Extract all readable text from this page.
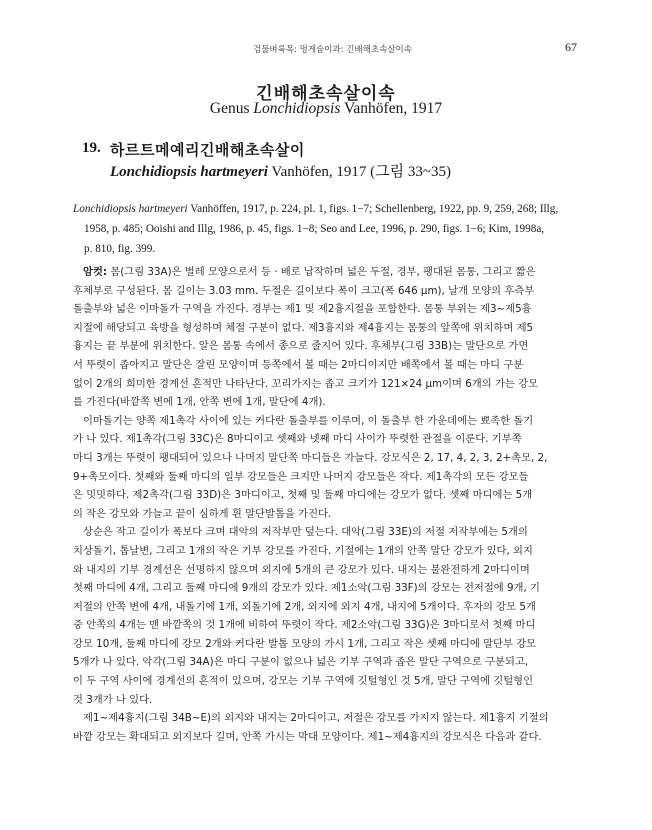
검물벼룩목: 멍게숨이과: 긴배해초속살이속	67
긴배해초속살이속
Genus Lonchidiopsis Vanhöfen, 1917
19. 하르트메예리긴배해초속살이
Lonchidiopsis hartmeyeri Vanhöfen, 1917 (그림 33~35)
Lonchidiopsis hartmeyeri Vanhöffen, 1917, p. 224, pl. 1, figs. 1−7; Schellenberg, 1922, pp. 9, 259, 268; Illg,
1958, p. 485; Ooishi and Illg, 1986, p. 45, figs. 1−8; Seo and Lee, 1996, p. 290, figs. 1−6; Kim, 1998a,
p. 810, fig. 399.
암컷: 몸(그림 33A)은 벌레 모양으로서 등 · 배로 납작하며 넓은 두절, 경부, 팽대된 몸통, 그리고 짧은
후체부로 구성된다. 몸 길이는 3.03 mm. 두절은 길이보다 폭이 크고(폭 646 μm), 날개 모양의 후측부
돌출부와 넓은 이마돌가 구역을 가진다. 경부는 제1 및 제2흉지절을 포함한다. 몸통 부위는 제3~제5흉
지절에 해당되고 육방을 형성하며 체절 구분이 없다. 제3흉지와 제4흉지는 몸통의 앞쪽에 위치하며 제5
흉지는 끝 부분에 위치한다. 알은 몸통 속에서 종으로 줄지어 있다. 후체부(그림 33B)는 말단으로 가면
서 뚜렷이 좁아지고 말단은 잘린 모양이며 등쪽에서 볼 때는 2마디이지만 배쪽에서 볼 때는 마디 구분
없이 2개의 희미한 경계선 흔적만 나타난다. 꼬리가지는 좁고 크기가 121×24 μm이며 6개의 가는 강모
를 가진다(바깥쪽 변에 1개, 안쪽 변에 1개, 말단에 4개).
이마돌기는 양쪽 제1촉각 사이에 있는 커다란 돌출부를 이루며, 이 돌출부 한 가운데에는 뾰족한 돌기
가 나 있다. 제1촉각(그림 33C)은 8마디이고 셋째와 넷째 마디 사이가 뚜렷한 관절을 이룬다. 기부쪽
마디 3개는 뚜렷이 팽대되어 있으나 나머지 말단쪽 마디들은 가늘다. 강모식은 2, 17, 4, 2, 3, 2+촉모, 2,
9+촉모이다. 첫째와 둘째 마디의 일부 강모들은 크지만 나머지 강모들은 작다. 제1촉각의 모든 강모들
은 밋밋하다. 제2촉각(그림 33D)은 3마디이고, 첫째 및 둘째 마디에는 강모가 없다. 셋째 마디에는 5개
의 작은 강모와 가늘고 끝이 심하게 휜 말단발톱을 가진다.
상순은 작고 길이가 폭보다 크며 대악의 저작부만 덮는다. 대악(그림 33E)의 저절 저작부에는 5개의
치상돌기, 톱날변, 그리고 1개의 작은 기부 강모를 가진다. 기절에는 1개의 안쪽 말단 강모가 있다, 외지
와 내지의 기부 경계선은 선명하지 않으며 외지에 5개의 큰 강모가 있다. 내지는 불완전하게 2마디이며
첫째 마디에 4개, 그리고 둘째 마디에 9개의 강모가 있다. 제1소악(그림 33F)의 강모는 전저절에 9개, 기
저절의 안쪽 변에 4개, 내돌기에 1개, 외돌기에 2개, 외지에 외지 4개, 내지에 5개이다. 후자의 강모 5개
중 안쪽의 4개는 맨 바깥쪽의 것 1개에 비하여 뚜렷이 작다. 제2소악(그림 33G)은 3마디로서 첫째 마디
강모 10개, 둘째 마디에 강모 2개와 커다란 발톱 모양의 가시 1개, 그리고 작은 셋째 마디에 말단부 강모
5개가 나 있다. 악각(그림 34A)은 마디 구분이 없으나 넓은 기부 구역과 좁은 말단 구역으로 구분되고,
이 두 구역 사이에 경계선의 흔적이 있으며, 강모는 기부 구역에 깃털형인 것 5개, 말단 구역에 깃털형인
것 3개가 나 있다.
제1~제4흉지(그림 34B~E)의 외지와 내지는 2마디이고, 저절은 강모를 가지지 않는다. 제1흉지 기절의
바깥 강모는 확대되고 외지보다 길며, 안쪽 가시는 막대 모양이다. 제1~제4흉지의 강모식은 다음과 같다.
